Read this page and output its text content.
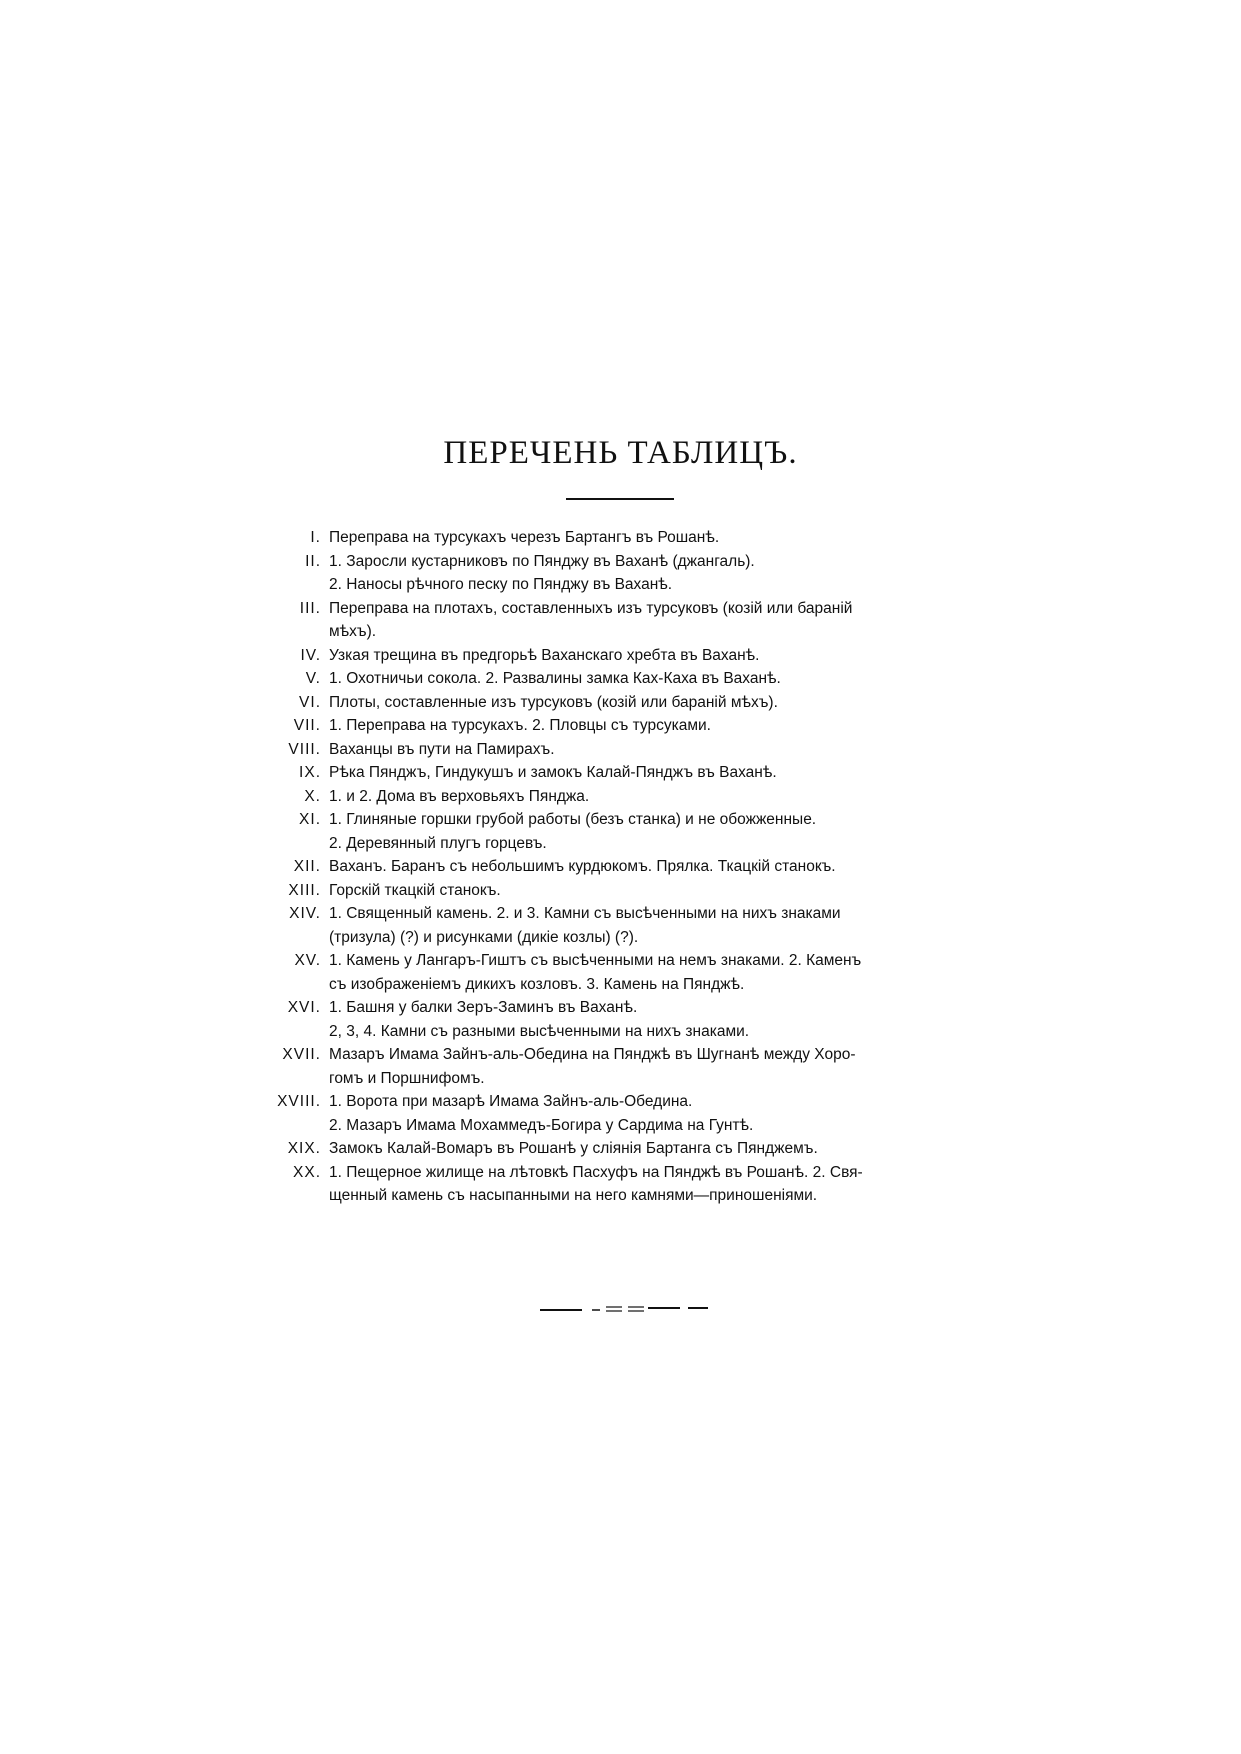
ПЕРЕЧЕНЬ ТАБЛИЦЪ.
I. Переправа на турсукахъ черезъ Бартангъ въ Рошанѣ.
II. 1. Заросли кустарниковъ по Пянджу въ Ваханѣ (джангаль).
2. Наносы рѣчного песку по Пянджу въ Ваханѣ.
III. Переправа на плотахъ, составленныхъ изъ турсуковъ (козiй или бараній
мѣхъ).
IV. Узкая трещина въ предгорьѣ Ваханскаго хребта въ Ваханѣ.
V. 1. Охотничьи сокола. 2. Развалины замка Ках-Каха въ Ваханѣ.
VI. Плоты, составленные изъ турсуковъ (козiй или бараній мѣхъ).
VII. 1. Переправа на турсукахъ. 2. Пловцы съ турсуками.
VIII. Ваханцы въ пути на Памирахъ.
IX. Рѣка Пянджъ, Гиндукушъ и замокъ Калай-Пянджъ въ Ваханѣ.
X. 1. и 2. Дома въ верховьяхъ Пянджа.
XI. 1. Глиняные горшки грубой работы (безъ станка) и не обожженные.
2. Деревянный плугъ горцевъ.
XII. Ваханъ. Баранъ съ небольшимъ курдюкомъ. Прялка. Ткацкій станокъ.
XIII. Горскій ткацкій станокъ.
XIV. 1. Священный камень. 2. и 3. Камни съ высѣченными на нихъ знаками
(тризула) (?) и рисунками (дикіе козлы) (?).
XV. 1. Камень у Лангаръ-Гиштъ съ высѣченными на немъ знаками. 2. Каменъ
съ изображеніемъ дикихъ козловъ. 3. Камень на Пянджѣ.
XVI. 1. Башня у балки Зеръ-Заминъ въ Ваханѣ.
2, 3, 4. Камни съ разными высѣченными на нихъ знаками.
XVII. Мазаръ Имама Зайнъ-аль-Обедина на Пянджѣ въ Шугнанѣ между Хоро-
гомъ и Поршнифомъ.
XVIII. 1. Ворота при мазарѣ Имама Зайнъ-аль-Обедина.
2. Мазаръ Имама Мохаммедъ-Богира у Сардима на Гунтѣ.
XIX. Замокъ Калай-Вомаръ въ Рошанѣ у сліянія Бартанга съ Пянджемъ.
XX. 1. Пещерное жилище на лѣтовкѣ Пасхуфъ на Пянджѣ въ Рошанѣ. 2. Свя-
щенный камень съ насыпанными на него камнями—приношеніями.
